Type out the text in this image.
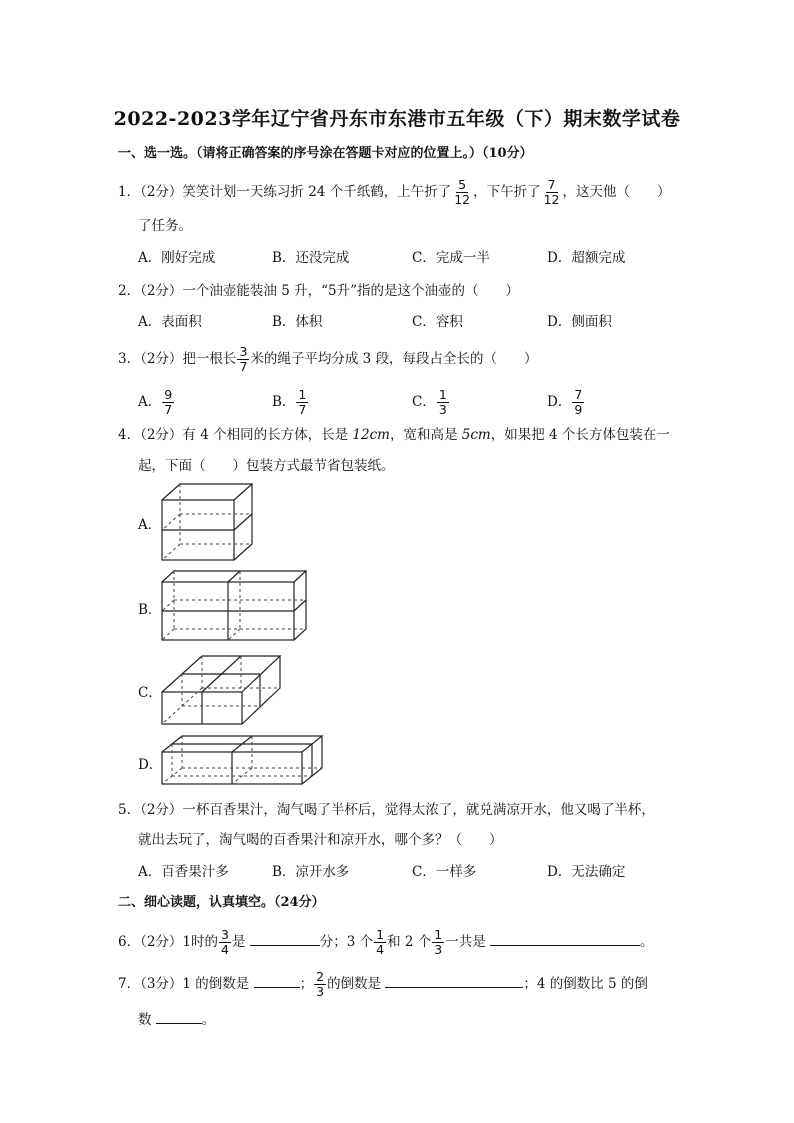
2022-2023学年辽宁省丹东市东港市五年级（下）期末数学试卷
一、选一选。（请将正确答案的序号涂在答题卡对应的位置上。）（10分）
1．（2分）笑笑计划一天练习折 24 个千纸鹤，上午折了 $\frac{5}{12}$ ，下午折了 $\frac{7}{12}$ ，这天他（　　）
了任务。
A．刚好完成	B．还没完成	C．完成一半	D．超额完成
2．（2分）一个油壶能装油 5 升，“5升”指的是这个油壶的（　　）
A．表面积	B．体积	C．容积	D．侧面积
3．（2分）把一根长 $\frac{3}{7}$ 米的绳子平均分成 3 段，每段占全长的（　　）
A． $\frac{9}{7}$	B． $\frac{1}{7}$	C． $\frac{1}{3}$	D． $\frac{7}{9}$
4．（2分）有 4 个相同的长方体，长是 12cm，宽和高是 5cm，如果把 4 个长方体包装在一
起，下面（　　）包装方式最节省包装纸。
A．
B．
C．
D．
5．（2分）一杯百香果汁，淘气喝了半杯后，觉得太浓了，就兑满凉开水，他又喝了半杯，
就出去玩了，淘气喝的百香果汁和凉开水，哪个多？（　　）
A．百香果汁多	B．凉开水多	C．一样多	D．无法确定
二、细心读题，认真填空。（24分）
6．（2分）1时的 $\frac{3}{4}$ 是	分；3 个 $\frac{1}{4}$ 和 2 个 $\frac{1}{3}$ 一共是	。
7．（3分）1 的倒数是	； $\frac{2}{3}$ 的倒数是	；4 的倒数比 5 的倒
数	。
